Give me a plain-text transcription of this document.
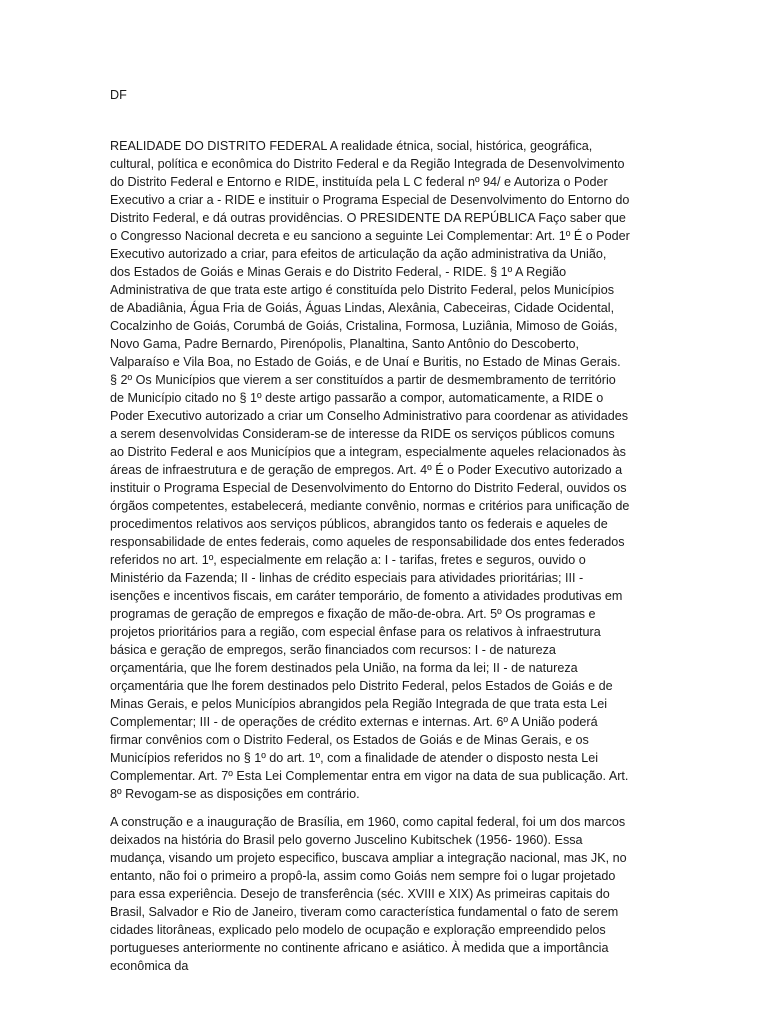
DF

REALIDADE DO DISTRITO FEDERAL A realidade étnica, social, histórica, geográfica, cultural, política e econômica do Distrito Federal e da Região Integrada de Desenvolvimento do Distrito Federal e Entorno e RIDE, instituída pela L C federal nº 94/ e Autoriza o Poder Executivo a criar a - RIDE e instituir o Programa Especial de Desenvolvimento do Entorno do Distrito Federal, e dá outras providências. O PRESIDENTE DA REPÚBLICA Faço saber que o Congresso Nacional decreta e eu sanciono a seguinte Lei Complementar: Art. 1º É o Poder Executivo autorizado a criar, para efeitos de articulação da ação administrativa da União, dos Estados de Goiás e Minas Gerais e do Distrito Federal, - RIDE. § 1º A Região Administrativa de que trata este artigo é constituída pelo Distrito Federal, pelos Municípios de Abadiânia, Água Fria de Goiás, Águas Lindas, Alexânia, Cabeceiras, Cidade Ocidental, Cocalzinho de Goiás, Corumbá de Goiás, Cristalina, Formosa, Luziânia, Mimoso de Goiás, Novo Gama, Padre Bernardo, Pirenópolis, Planaltina, Santo Antônio do Descoberto, Valparaíso e Vila Boa, no Estado de Goiás, e de Unaí e Buritis, no Estado de Minas Gerais. § 2º Os Municípios que vierem a ser constituídos a partir de desmembramento de território de Município citado no § 1º deste artigo passarão a compor, automaticamente, a RIDE o Poder Executivo autorizado a criar um Conselho Administrativo para coordenar as atividades a serem desenvolvidas Consideram-se de interesse da RIDE os serviços públicos comuns ao Distrito Federal e aos Municípios que a integram, especialmente aqueles relacionados às áreas de infraestrutura e de geração de empregos. Art. 4º É o Poder Executivo autorizado a instituir o Programa Especial de Desenvolvimento do Entorno do Distrito Federal, ouvidos os órgãos competentes, estabelecerá, mediante convênio, normas e critérios para unificação de procedimentos relativos aos serviços públicos, abrangidos tanto os federais e aqueles de responsabilidade de entes federais, como aqueles de responsabilidade dos entes federados referidos no art. 1º, especialmente em relação a: I - tarifas, fretes e seguros, ouvido o Ministério da Fazenda; II - linhas de crédito especiais para atividades prioritárias; III - isenções e incentivos fiscais, em caráter temporário, de fomento a atividades produtivas em programas de geração de empregos e fixação de mão-de-obra. Art. 5º Os programas e projetos prioritários para a região, com especial ênfase para os relativos à infraestrutura básica e geração de empregos, serão financiados com recursos: I - de natureza orçamentária, que lhe forem destinados pela União, na forma da lei; II - de natureza orçamentária que lhe forem destinados pelo Distrito Federal, pelos Estados de Goiás e de Minas Gerais, e pelos Municípios abrangidos pela Região Integrada de que trata esta Lei Complementar; III - de operações de crédito externas e internas. Art. 6º A União poderá firmar convênios com o Distrito Federal, os Estados de Goiás e de Minas Gerais, e os Municípios referidos no § 1º do art. 1º, com a finalidade de atender o disposto nesta Lei Complementar. Art. 7º Esta Lei Complementar entra em vigor na data de sua publicação. Art. 8º Revogam-se as disposições em contrário.

A construção e a inauguração de Brasília, em 1960, como capital federal, foi um dos marcos deixados na história do Brasil pelo governo Juscelino Kubitschek (1956- 1960). Essa mudança, visando um projeto especifico, buscava ampliar a integração nacional, mas JK, no entanto, não foi o primeiro a propô-la, assim como Goiás nem sempre foi o lugar projetado para essa experiência. Desejo de transferência (séc. XVIII e XIX) As primeiras capitais do Brasil, Salvador e Rio de Janeiro, tiveram como característica fundamental o fato de serem cidades litorâneas, explicado pelo modelo de ocupação e exploração empreendido pelos portugueses anteriormente no continente africano e asiático. À medida que a importância econômica da
